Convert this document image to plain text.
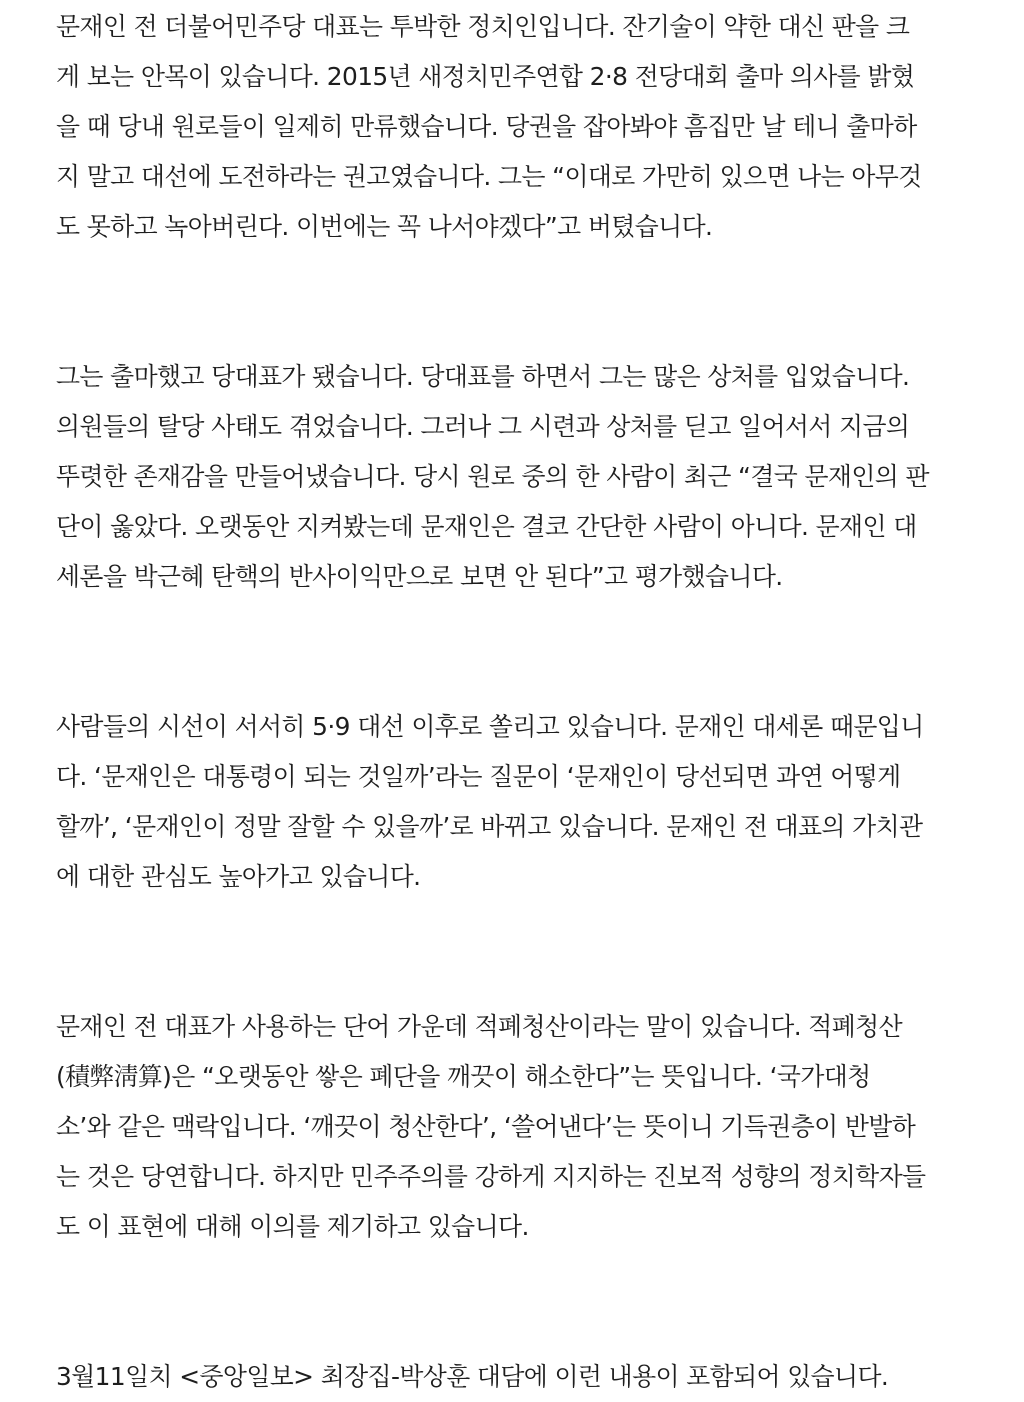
문재인 전 더불어민주당 대표는 투박한 정치인입니다. 잔기술이 약한 대신 판을 크
게 보는 안목이 있습니다. 2015년 새정치민주연합 2·8 전당대회 출마 의사를 밝혔
을 때 당내 원로들이 일제히 만류했습니다. 당권을 잡아봐야 흠집만 날 테니 출마하
지 말고 대선에 도전하라는 권고였습니다. 그는 “이대로 가만히 있으면 나는 아무것
도 못하고 녹아버린다. 이번에는 꼭 나서야겠다”고 버텼습니다.

그는 출마했고 당대표가 됐습니다. 당대표를 하면서 그는 많은 상처를 입었습니다.
의원들의 탈당 사태도 겪었습니다. 그러나 그 시련과 상처를 딛고 일어서서 지금의
뚜렷한 존재감을 만들어냈습니다. 당시 원로 중의 한 사람이 최근 “결국 문재인의 판
단이 옳았다. 오랫동안 지켜봤는데 문재인은 결코 간단한 사람이 아니다. 문재인 대
세론을 박근혜 탄핵의 반사이익만으로 보면 안 된다”고 평가했습니다.

사람들의 시선이 서서히 5·9 대선 이후로 쏠리고 있습니다. 문재인 대세론 때문입니
다. ‘문재인은 대통령이 되는 것일까’라는 질문이 ‘문재인이 당선되면 과연 어떻게
할까’, ‘문재인이 정말 잘할 수 있을까’로 바뀌고 있습니다. 문재인 전 대표의 가치관
에 대한 관심도 높아가고 있습니다.

문재인 전 대표가 사용하는 단어 가운데 적폐청산이라는 말이 있습니다. 적폐청산
(積弊淸算)은 “오랫동안 쌓은 폐단을 깨끗이 해소한다”는 뜻입니다. ‘국가대청
소’와 같은 맥락입니다. ‘깨끗이 청산한다’, ‘쓸어낸다’는 뜻이니 기득권층이 반발하
는 것은 당연합니다. 하지만 민주주의를 강하게 지지하는 진보적 성향의 정치학자들
도 이 표현에 대해 이의를 제기하고 있습니다.

3월11일치 <중앙일보> 최장집-박상훈 대담에 이런 내용이 포함되어 있습니다.
